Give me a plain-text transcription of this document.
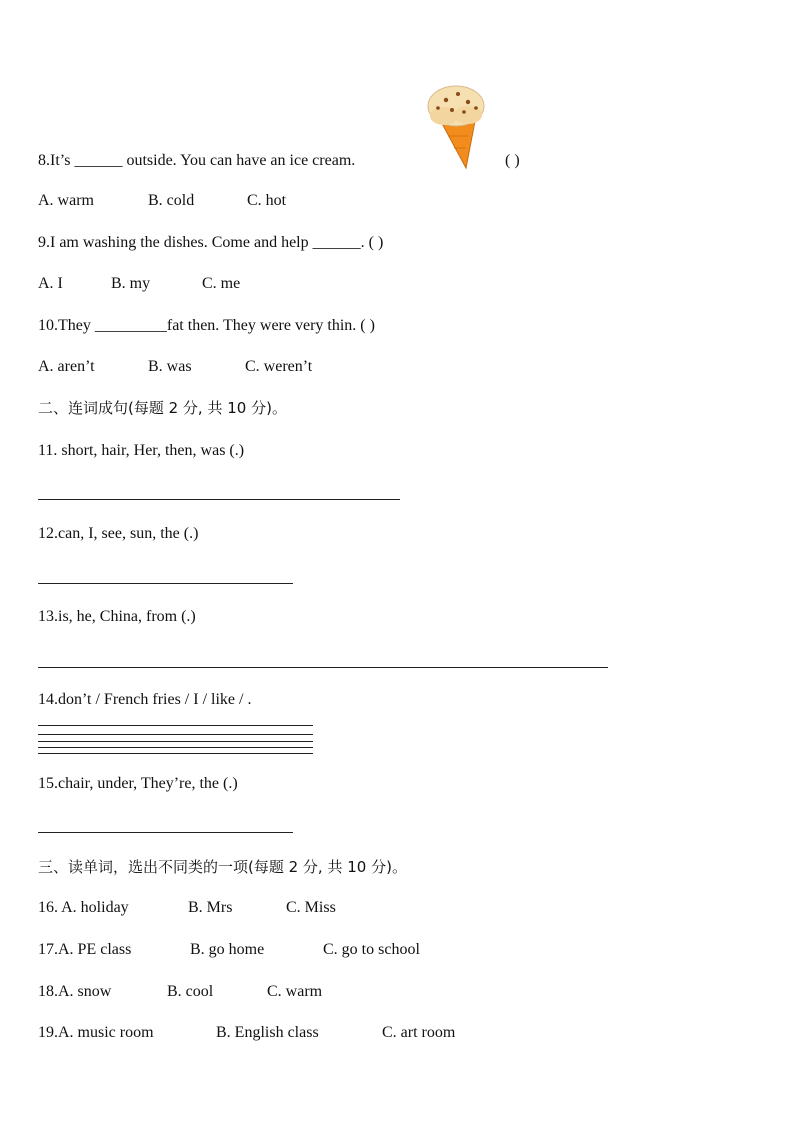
8.It’s ______ outside. You can have an ice cream.	( )
A. warm	B. cold	C. hot
9.I am washing the dishes. Come and help ______. ( )
A. I	B. my	C. me
10.They _________fat then. They were very thin. ( )
A. aren’t	B. was	C. weren’t
二、连词成句(每题 2 分, 共 10 分)。
11. short, hair, Her, then, was (.)
12.can, I, see, sun, the (.)
13.is, he, China, from (.)
14.don’t / French fries / I / like / .
15.chair, under, They’re, the (.)
三、读单词，选出不同类的一项(每题 2 分, 共 10 分)。
16. A. holiday	B. Mrs	C. Miss
17.A. PE class	B. go home	C. go to school
18.A. snow	B. cool	C. warm
19.A. music room	B. English class	C. art room
